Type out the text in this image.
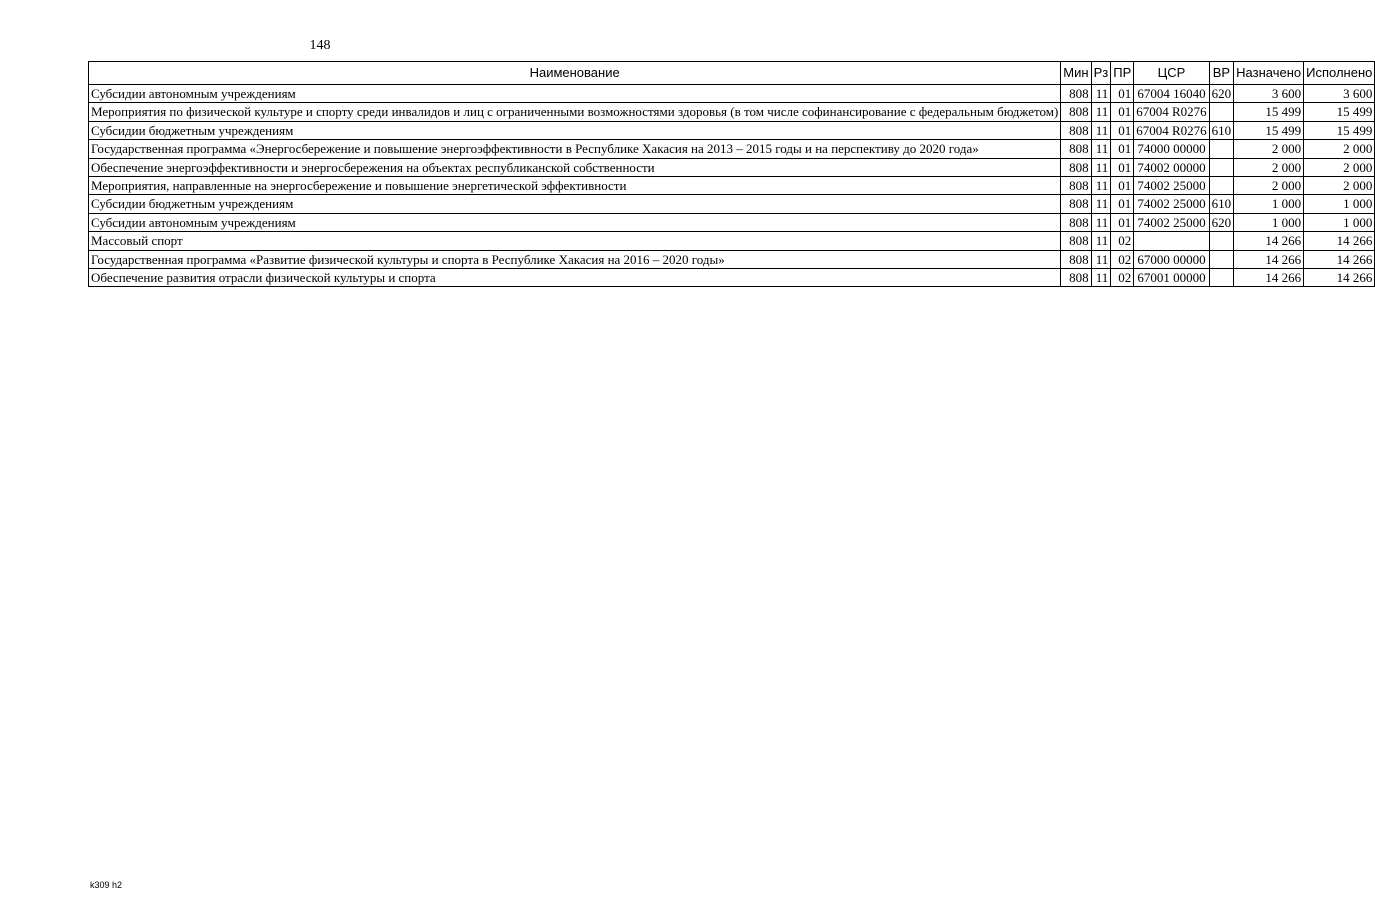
148
Наименование	Мин	Рз	ПР	ЦСР	ВР	Назначено	Исполнено
Субсидии автономным учреждениям	808	11	01	67004 16040	620	3 600	3 600
Мероприятия по физической культуре и спорту среди инвалидов и лиц с ограниченными возможностями здоровья (в том числе софинансирование с федеральным бюджетом)	808	11	01	67004 R0276		15 499	15 499
Субсидии бюджетным учреждениям	808	11	01	67004 R0276	610	15 499	15 499
Государственная программа «Энергосбережение и повышение энергоэффективности в Республике Хакасия на 2013 – 2015 годы и на перспективу до 2020 года»	808	11	01	74000 00000		2 000	2 000
Обеспечение энергоэффективности и энергосбережения на объектах республиканской собственности	808	11	01	74002 00000		2 000	2 000
Мероприятия, направленные на энергосбережение и повышение энергетической эффективности	808	11	01	74002 25000		2 000	2 000
Субсидии бюджетным учреждениям	808	11	01	74002 25000	610	1 000	1 000
Субсидии автономным учреждениям	808	11	01	74002 25000	620	1 000	1 000
Массовый спорт	808	11	02			14 266	14 266
Государственная программа «Развитие физической культуры и спорта в Республике Хакасия на 2016 – 2020 годы»	808	11	02	67000 00000		14 266	14 266
Обеспечение развития отрасли физической культуры и спорта	808	11	02	67001 00000		14 266	14 266
k309 h2
